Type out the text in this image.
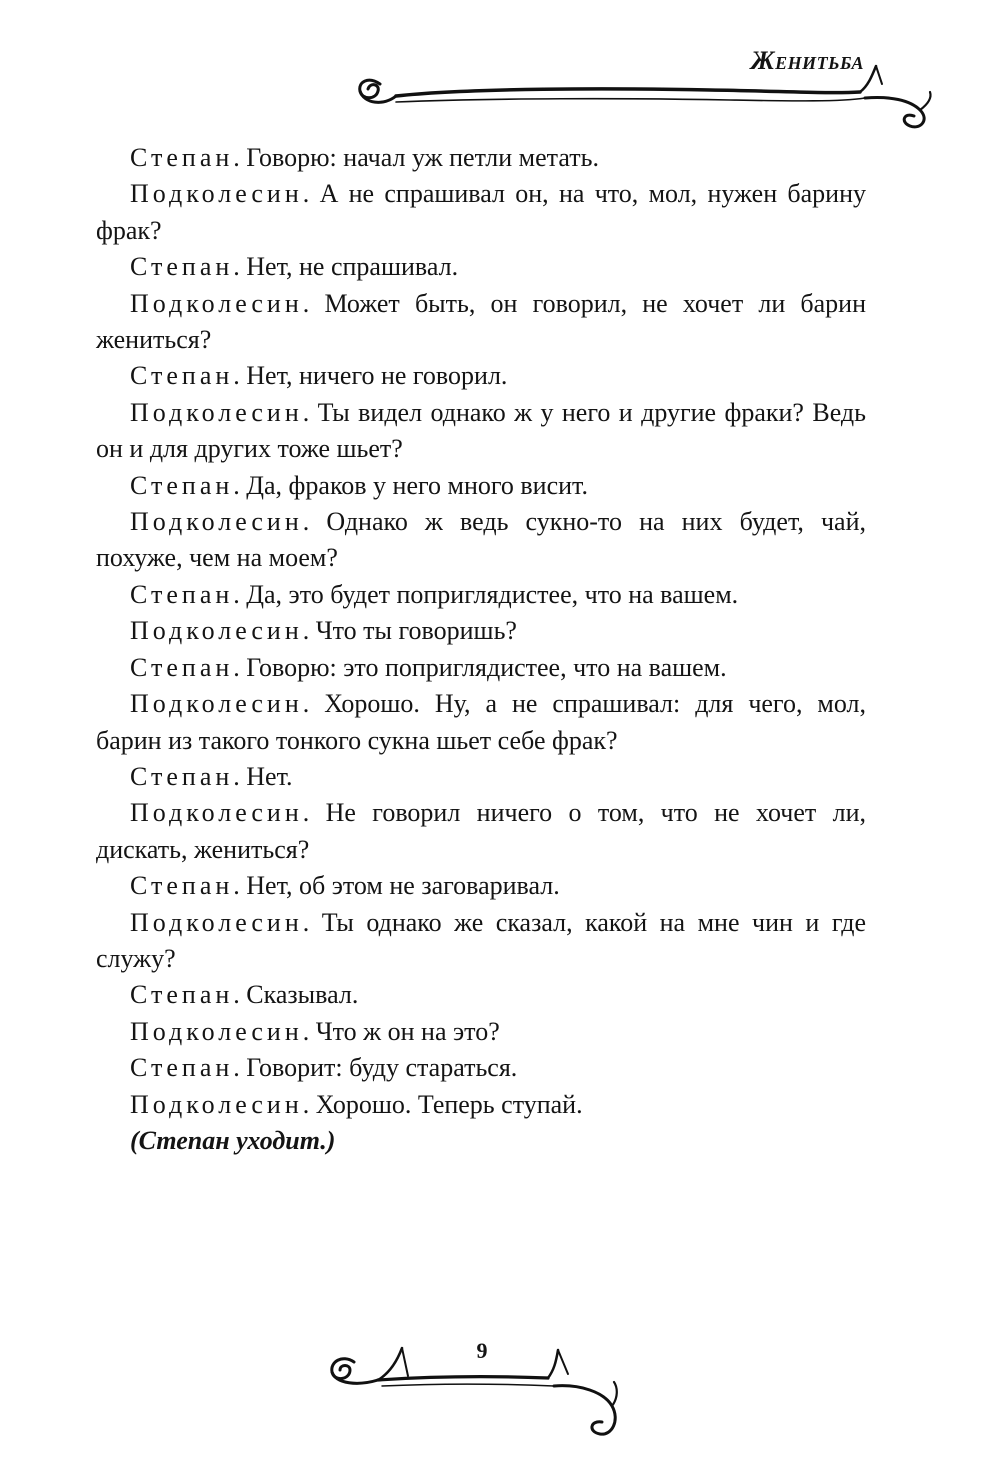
Женитьба

Степан. Говорю: начал уж петли метать.

Подколесин. А не спрашивал он, на что, мол, нужен барину фрак?

Степан. Нет, не спрашивал.

Подколесин. Может быть, он говорил, не хочет ли барин жениться?

Степан. Нет, ничего не говорил.

Подколесин. Ты видел однако ж у него и другие фраки? Ведь он и для других тоже шьет?

Степан. Да, фраков у него много висит.

Подколесин. Однако ж ведь сукно-то на них будет, чай, похуже, чем на моем?

Степан. Да, это будет поприглядистее, что на вашем.

Подколесин. Что ты говоришь?

Степан. Говорю: это поприглядистее, что на вашем.

Подколесин. Хорошо. Ну, а не спрашивал: для чего, мол, барин из такого тонкого сукна шьет себе фрак?

Степан. Нет.

Подколесин. Не говорил ничего о том, что не хочет ли, дискать, жениться?

Степан. Нет, об этом не заговаривал.

Подколесин. Ты однако же сказал, какой на мне чин и где служу?

Степан. Сказывал.

Подколесин. Что ж он на это?

Степан. Говорит: буду стараться.

Подколесин. Хорошо. Теперь ступай.

(Степан уходит.)

9
